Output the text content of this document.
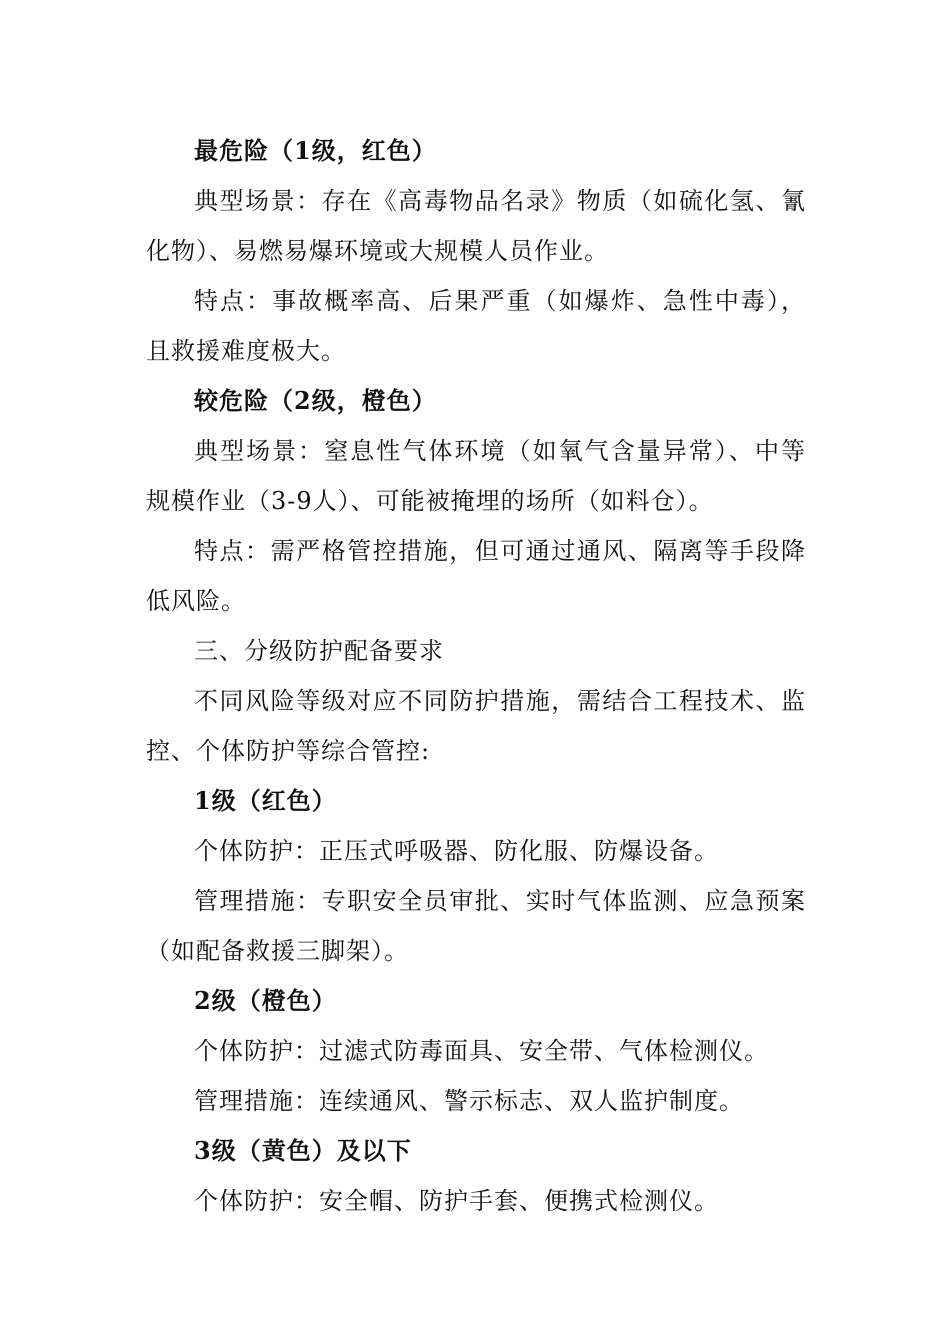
最危险（1级，红色）

典型场景：存在《高毒物品名录》物质（如硫化氢、氰化物）、易燃易爆环境或大规模人员作业。

特点：事故概率高、后果严重（如爆炸、急性中毒），且救援难度极大。

较危险（2级，橙色）

典型场景：窒息性气体环境（如氧气含量异常）、中等规模作业（3-9人）、可能被掩埋的场所（如料仓）。

特点：需严格管控措施，但可通过通风、隔离等手段降低风险。

三、分级防护配备要求

不同风险等级对应不同防护措施，需结合工程技术、监控、个体防护等综合管控:

1级（红色）

个体防护：正压式呼吸器、防化服、防爆设备。

管理措施：专职安全员审批、实时气体监测、应急预案（如配备救援三脚架）。

2级（橙色）

个体防护：过滤式防毒面具、安全带、气体检测仪。

管理措施：连续通风、警示标志、双人监护制度。

3级（黄色）及以下

个体防护：安全帽、防护手套、便携式检测仪。
